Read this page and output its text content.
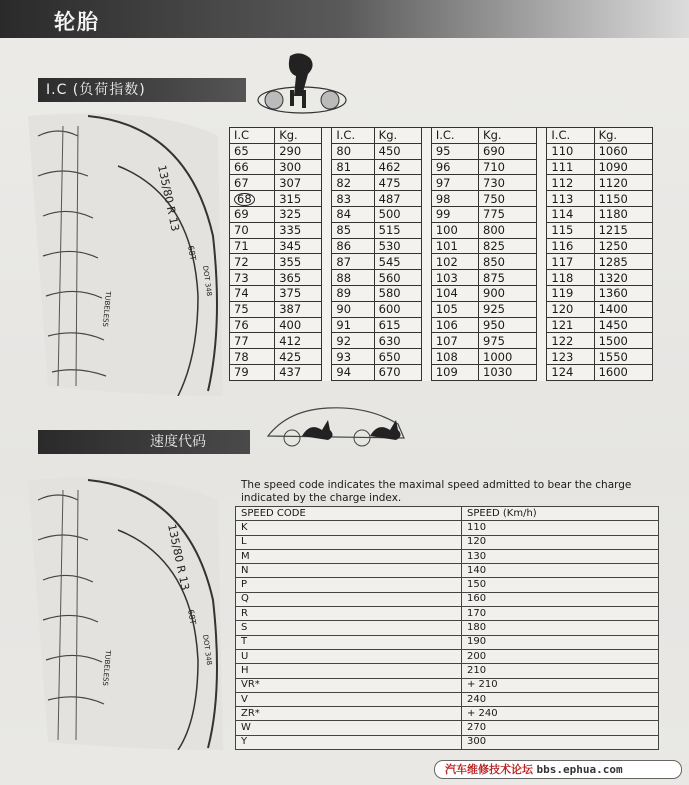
轮胎
I.C (负荷指数)
135/80 R 13
68T
DOT 348
TUBELESS
I.C	Kg.		I.C.	Kg.		I.C.	Kg.		I.C.	Kg.
65	290		80	450		95	690		110	1060
66	300		81	462		96	710		111	1090
67	307		82	475		97	730		112	1120
68	315		83	487		98	750		113	1150
69	325		84	500		99	775		114	1180
70	335		85	515		100	800		115	1215
71	345		86	530		101	825		116	1250
72	355		87	545		102	850		117	1285
73	365		88	560		103	875		118	1320
74	375		89	580		104	900		119	1360
75	387		90	600		105	925		120	1400
76	400		91	615		106	950		121	1450
77	412		92	630		107	975		122	1500
78	425		93	650		108	1000		123	1550
79	437		94	670		109	1030		124	1600
速度代码
135/80 R 13
68T
DOT 348
TUBELESS
The speed code indicates the maximal speed admitted to bear the charge indicated by the charge index.
SPEED CODE	SPEED (Km/h)
K	110
L	120
M	130
N	140
P	150
Q	160
R	170
S	180
T	190
U	200
H	210
VR*	+ 210
V	240
ZR*	+ 240
W	270
Y	300
汽车维修技术论坛 bbs.ephua.com
